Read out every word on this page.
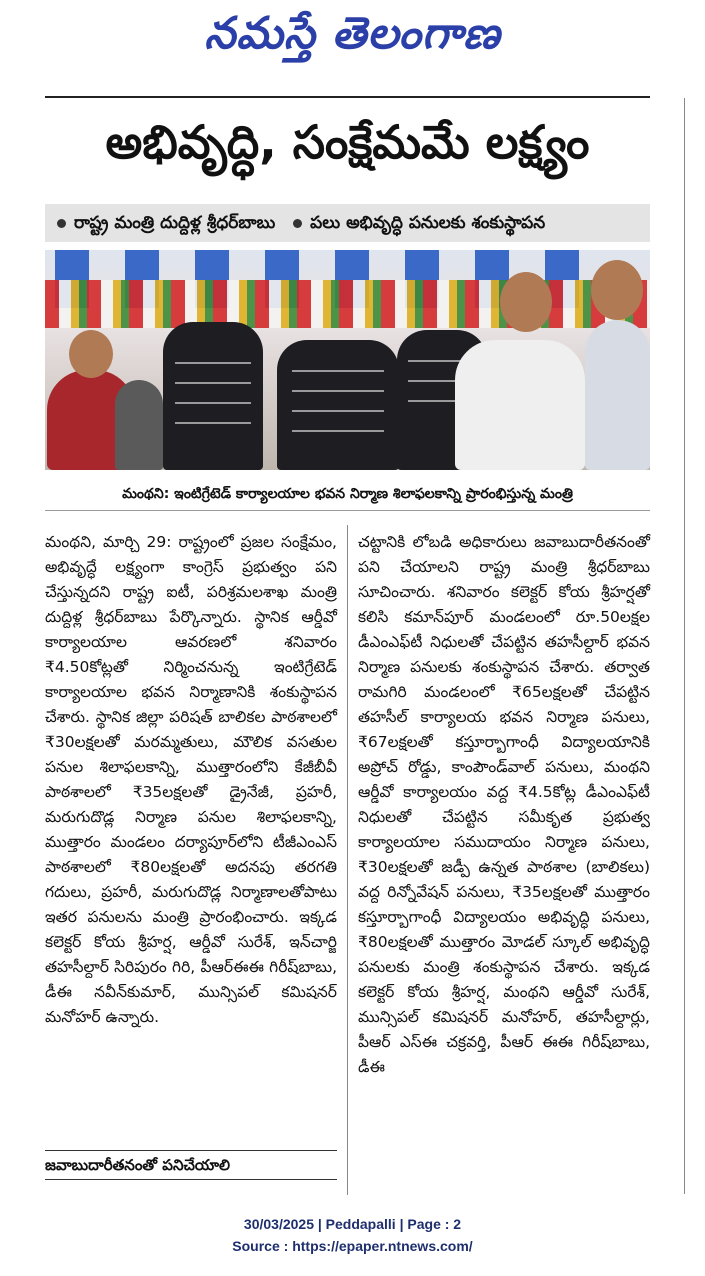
నమస్తే తెలంగాణ
అభివృద్ధి, సంక్షేమమే లక్ష్యం
రాష్ట్ర మంత్రి దుద్దిళ్ల శ్రీధర్‌బాబు పలు అభివృద్ధి పనులకు శంకుస్థాపన
మంథని: ఇంటిగ్రేటెడ్ కార్యాలయాల భవన నిర్మాణ శిలాఫలకాన్ని ప్రారంభిస్తున్న మంత్రి
మంథని, మార్చి 29: రాష్ట్రంలో ప్రజల సంక్షేమం, అభివృద్ధే లక్ష్యంగా కాంగ్రెస్ ప్రభుత్వం పని చేస్తున్నదని రాష్ట్ర ఐటీ, పరిశ్రమలశాఖ మంత్రి దుద్దిళ్ల శ్రీధర్‌బాబు పేర్కొన్నారు. స్థానిక ఆర్డీవో కార్యాలయాల ఆవరణలో శనివారం ₹4.50కోట్లతో నిర్మించనున్న ఇంటిగ్రేటెడ్ కార్యాలయాల భవన నిర్మాణానికి శంకుస్థాపన చేశారు. స్థానిక జిల్లా పరిషత్ బాలికల పాఠశాలలో ₹30లక్షలతో మరమ్మతులు, మౌలిక వసతుల పనుల శిలాఫలకాన్ని, ముత్తారంలోని కేజీబీవీ పాఠశాలలో ₹35లక్షలతో డ్రైనేజీ, ప్రహరీ, మరుగుదొడ్ల నిర్మాణ పనుల శిలాఫలకాన్ని, ముత్తారం మండలం దర్యాపూర్‌లోని టీజీఎంఎస్ పాఠశాలలో ₹80లక్షలతో అదనపు తరగతి గదులు, ప్రహరీ, మరుగుదొడ్ల నిర్మాణాలతోపాటు ఇతర పనులను మంత్రి ప్రారంభించారు. ఇక్కడ కలెక్టర్ కోయ శ్రీహర్ష, ఆర్డీవో సురేశ్, ఇన్‌చార్జి తహసీల్దార్ సిరిపురం గిరి, పీఆర్‌ఈఈ గిరీష్‌బాబు, డీఈ నవీన్‌కుమార్, మున్సిపల్ కమిషనర్ మనోహర్ ఉన్నారు.
చట్టానికి లోబడి అధికారులు జవాబుదారీతనంతో పని చేయాలని రాష్ట్ర మంత్రి శ్రీధర్‌బాబు సూచించారు. శనివారం కలెక్టర్ కోయ శ్రీహర్షతో కలిసి కమాన్‌పూర్ మండలంలో రూ.50లక్షల డీఎంఎఫ్‌టీ నిధులతో చేపట్టిన తహసీల్దార్ భవన నిర్మాణ పనులకు శంకుస్థాపన చేశారు. తర్వాత రామగిరి మండలంలో ₹65లక్షలతో చేపట్టిన తహసీల్ కార్యాలయ భవన నిర్మాణ పనులు, ₹67లక్షలతో కస్తూర్బాగాంధీ విద్యాలయానికి అప్రోచ్ రోడ్డు, కాంపౌండ్‌వాల్ పనులు, మంథని ఆర్డీవో కార్యాలయం వద్ద ₹4.5కోట్ల డీఎంఎఫ్‌టీ నిధులతో చేపట్టిన సమీకృత ప్రభుత్వ కార్యాలయాల సముదాయం నిర్మాణ పనులు, ₹30లక్షలతో జడ్పీ ఉన్నత పాఠశాల (బాలికలు) వద్ద రిన్నోవేషన్ పనులు, ₹35లక్షలతో ముత్తారం కస్తూర్బాగాంధీ విద్యాలయం అభివృద్ధి పనులు, ₹80లక్షలతో ముత్తారం మోడల్ స్కూల్ అభివృద్ధి పనులకు మంత్రి శంకుస్థాపన చేశారు. ఇక్కడ కలెక్టర్ కోయ శ్రీహర్ష, మంథని ఆర్డీవో సురేశ్, మున్సిపల్ కమిషనర్ మనోహర్, తహసీల్దార్లు, పీఆర్ ఎస్‌ఈ చక్రవర్తి, పీఆర్ ఈఈ గిరీష్‌బాబు, డీఈ
జవాబుదారీతనంతో పనిచేయాలి
30/03/2025 | Peddapalli | Page : 2
Source : https://epaper.ntnews.com/
